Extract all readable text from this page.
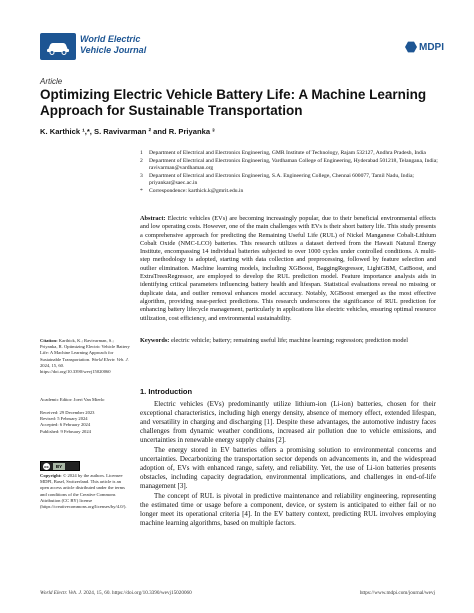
World Electric
Vehicle Journal	MDPI
Article
Optimizing Electric Vehicle Battery Life: A Machine Learning Approach for Sustainable Transportation
K. Karthick ¹,*, S. Ravivarman ² and R. Priyanka ³
1	Department of Electrical and Electronics Engineering, GMR Institute of Technology, Rajam 532127, Andhra Pradesh, India
2	Department of Electrical and Electronics Engineering, Vardhaman College of Engineering, Hyderabad 501218, Telangana, India; ravivarman@vardhaman.org
3	Department of Electrical and Electronics Engineering, S.A. Engineering College, Chennai 600077, Tamil Nadu, India; priyankar@saec.ac.in
*	Correspondence: karthick.k@gmrit.edu.in
Abstract: Electric vehicles (EVs) are becoming increasingly popular, due to their beneficial environmental effects and low operating costs. However, one of the main challenges with EVs is their short battery life. This study presents a comprehensive approach for predicting the Remaining Useful Life (RUL) of Nickel Manganese Cobalt-Lithium Cobalt Oxide (NMC-LCO) batteries. This research utilizes a dataset derived from the Hawaii Natural Energy Institute, encompassing 14 individual batteries subjected to over 1000 cycles under controlled conditions. A multi-step methodology is adopted, starting with data collection and preprocessing, followed by feature selection and outlier elimination. Machine learning models, including XGBoost, BaggingRegressor, LightGBM, CatBoost, and ExtraTreesRegressor, are employed to develop the RUL prediction model. Feature importance analysis aids in identifying critical parameters influencing battery health and lifespan. Statistical evaluations reveal no missing or duplicate data, and outlier removal enhances model accuracy. Notably, XGBoost emerged as the most effective algorithm, providing near-perfect predictions. This research underscores the significance of RUL prediction for enhancing battery lifecycle management, particularly in applications like electric vehicles, ensuring optimal resource utilization, cost efficiency, and environmental sustainability.
Keywords: electric vehicle; battery; remaining useful life; machine learning; regression; prediction model
Citation: Karthick, K.; Ravivarman, S.; Priyanka, R. Optimizing Electric Vehicle Battery Life: A Machine Learning Approach for Sustainable Transportation. World Electr. Veh. J. 2024, 15, 60. https://doi.org/10.3390/wevj15020060
Academic Editor: Joeri Van Mierlo
Received: 29 December 2023
Revised: 5 February 2024
Accepted: 6 February 2024
Published: 9 February 2024
cc	BY
Copyright: © 2024 by the authors. Licensee MDPI, Basel, Switzerland. This article is an open access article distributed under the terms and conditions of the Creative Commons Attribution (CC BY) license (https://creativecommons.org/licenses/by/4.0/).
1. Introduction

Electric vehicles (EVs) predominantly utilize lithium-ion (Li-ion) batteries, chosen for their exceptional characteristics, including high energy density, absence of memory effect, extended lifespan, and versatility in charging and discharging [1]. Despite these advantages, the automotive industry faces challenges from dynamic weather conditions, increased air pollution due to vehicle emissions, and uncertainties in renewable energy supply chains [2].

The energy stored in EV batteries offers a promising solution to environmental concerns and uncertainties. Decarbonizing the transportation sector depends on advancements in, and the widespread adoption of, EVs with enhanced range, safety, and reliability. Yet, the use of Li-ion batteries presents obstacles, including capacity degradation, environmental implications, and challenges in end-of-life management [3].

The concept of RUL is pivotal in predictive maintenance and reliability engineering, representing the estimated time or usage before a component, device, or system is anticipated to either fail or no longer meet its operational criteria [4]. In the EV battery context, predicting RUL involves employing machine learning algorithms, based on multiple factors.

World Electr. Veh. J. 2024, 15, 60. https://doi.org/10.3390/wevj15020060	https://www.mdpi.com/journal/wevj
